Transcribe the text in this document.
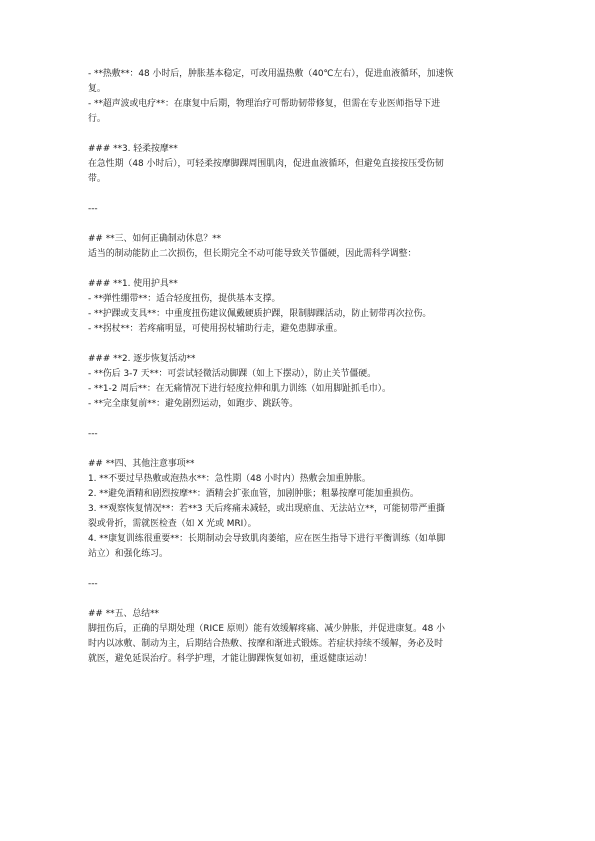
- **热敷**：48 小时后，肿胀基本稳定，可改用温热敷（40℃左右），促进血液循环，加速恢
复。
- **超声波或电疗**：在康复中后期，物理治疗可帮助韧带修复，但需在专业医师指导下进
行。
### **3. 轻柔按摩**
在急性期（48 小时后），可轻柔按摩脚踝周围肌肉，促进血液循环，但避免直接按压受伤韧
带。
---
## **三、如何正确制动休息？**
适当的制动能防止二次损伤，但长期完全不动可能导致关节僵硬，因此需科学调整：
### **1. 使用护具**
- **弹性绷带**：适合轻度扭伤，提供基本支撑。
- **护踝或支具**：中重度扭伤建议佩戴硬质护踝，限制脚踝活动，防止韧带再次拉伤。
- **拐杖**：若疼痛明显，可使用拐杖辅助行走，避免患脚承重。
### **2. 逐步恢复活动**
- **伤后 3-7 天**：可尝试轻微活动脚踝（如上下摆动），防止关节僵硬。
- **1-2 周后**：在无痛情况下进行轻度拉伸和肌力训练（如用脚趾抓毛巾）。
- **完全康复前**：避免剧烈运动，如跑步、跳跃等。
---
## **四、其他注意事项**
1. **不要过早热敷或泡热水**：急性期（48 小时内）热敷会加重肿胀。
2. **避免酒精和剧烈按摩**：酒精会扩张血管，加剧肿胀；粗暴按摩可能加重损伤。
3. **观察恢复情况**：若**3 天后疼痛未减轻，或出现瘀血、无法站立**，可能韧带严重撕
裂或骨折，需就医检查（如 X 光或 MRI）。
4. **康复训练很重要**：长期制动会导致肌肉萎缩，应在医生指导下进行平衡训练（如单脚
站立）和强化练习。
---
## **五、总结**
脚扭伤后，正确的早期处理（RICE 原则）能有效缓解疼痛、减少肿胀，并促进康复。48 小
时内以冰敷、制动为主，后期结合热敷、按摩和渐进式锻炼。若症状持续不缓解，务必及时
就医，避免延误治疗。科学护理，才能让脚踝恢复如初，重返健康运动！
